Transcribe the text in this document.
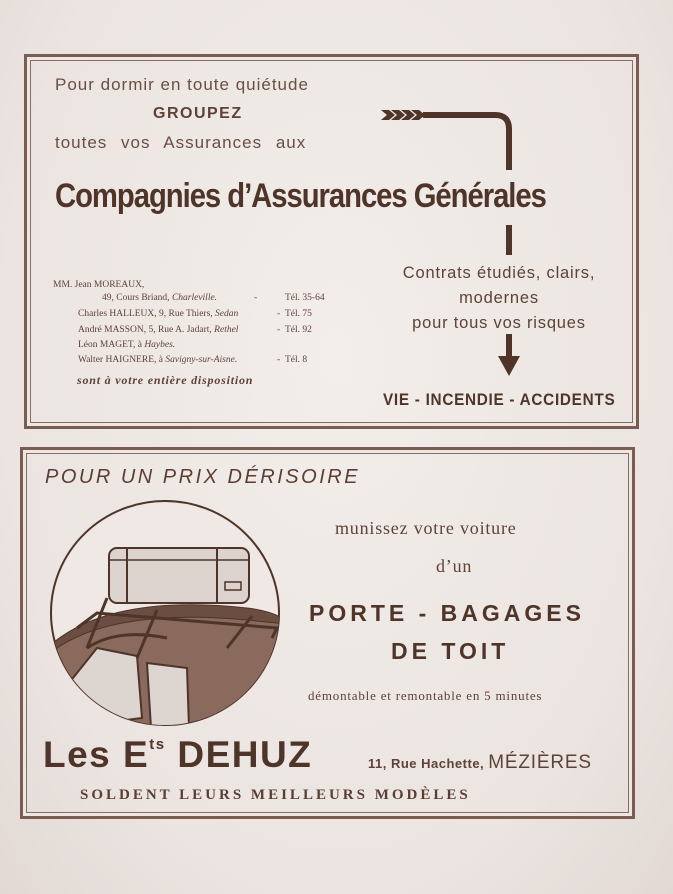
Pour dormir en toute quiétude
GROUPEZ
toutes vos Assurances aux
Compagnies d’Assurances Générales
MM. Jean MOREAUX,
49, Cours Briand, Charleville.
Charles HALLEUX, 9, Rue Thiers, Sedan
André MASSON, 5, Rue A. Jadart, Rethel
Léon MAGET, à Haybes.
Walter HAIGNERE, à Savigny-sur-Aisne.
-	Tél. 35-64
- Tél. 75
- Tél. 92
- Tél. 8
sont à votre entière disposition
Contrats étudiés, clairs,
modernes
pour tous vos risques
VIE - INCENDIE - ACCIDENTS
POUR UN PRIX DÉRISOIRE
munissez votre voiture
d’un
PORTE - BAGAGES
DE TOIT
démontable et remontable en 5 minutes
Les $E^{ts}$ DEHUZ	11, Rue Hachette, MÉZIÈRES
SOLDENT LEURS MEILLEURS MODÈLES
